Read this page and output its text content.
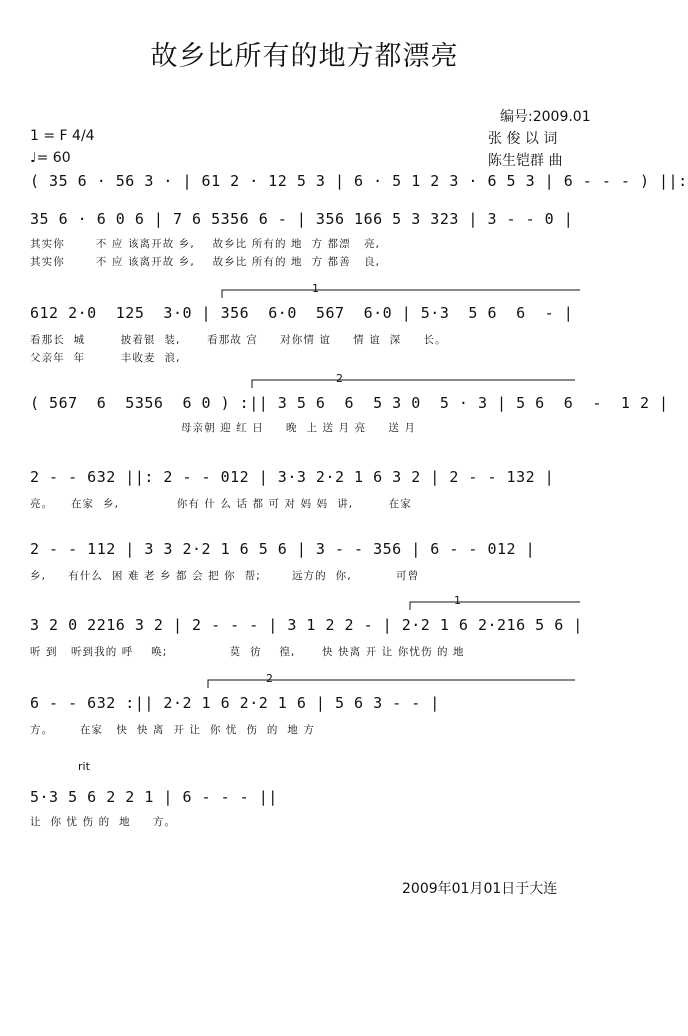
故乡比所有的地方都漂亮
编号:2009.01
1 = F 4/4
♩= 60
张 俊 以 词
陈生铠群 曲
( 35 6 · 56 3 · | 61 2 · 12 5 3 | 6 · 5 1 2 3 · 6 5 3 | 6 - - - ) ||:
35 6 · 6 0 6 | 7 6 5356 6 - | 356 166 5 3 323 | 3 - - 0 |
其实你       不 应 该离开故 乡,    故乡比 所有的 地  方 都漂   亮,
其实你       不 应 该离开故 乡,    故乡比 所有的 地  方 都善   良,
1
612 2·0  125  3·0 | 356  6·0  567  6·0 | 5·3  5 6  6  - |
看那长  城        披着银  装,      看那故 宫     对你情 谊     情 谊  深     长。
父亲年  年        丰收麦  浪,
2
( 567  6  5356  6 0 ) :|| 3 5 6  6  5 3 0  5 · 3 | 5 6  6  -  1 2 |
母亲朝 迎 红 日     晚  上 送 月 亮     送 月
2 - - 632 ||: 2 - - 012 | 3·3 2·2 1 6 3 2 | 2 - - 132 |
亮。    在家  乡,             你有 什 么 话 都 可 对 妈 妈  讲,        在家
2 - - 112 | 3 3 2·2 1 6 5 6 | 3 - - 356 | 6 - - 012 |
乡,     有什么  困 难 老 乡 都 会 把 你  帮;       远方的  你,          可曾
1
3 2 0 2216 3 2 | 2 - - - | 3 1 2 2 - | 2·2 1 6 2·216 5 6 |
听 到   听到我的 呼    唤;              莫  彷    徨,      快 快离 开 让 你忧伤 的 地
2
6 - - 632 :|| 2·2 1 6 2·2 1 6 | 5 6 3 - - |
方。      在家   快  快 离  开 让  你 忧  伤  的  地 方
rit
5·3 5 6 2 2 1 | 6 - - - ||
让  你 忧 伤 的  地     方。
2009年01月01日于大连
